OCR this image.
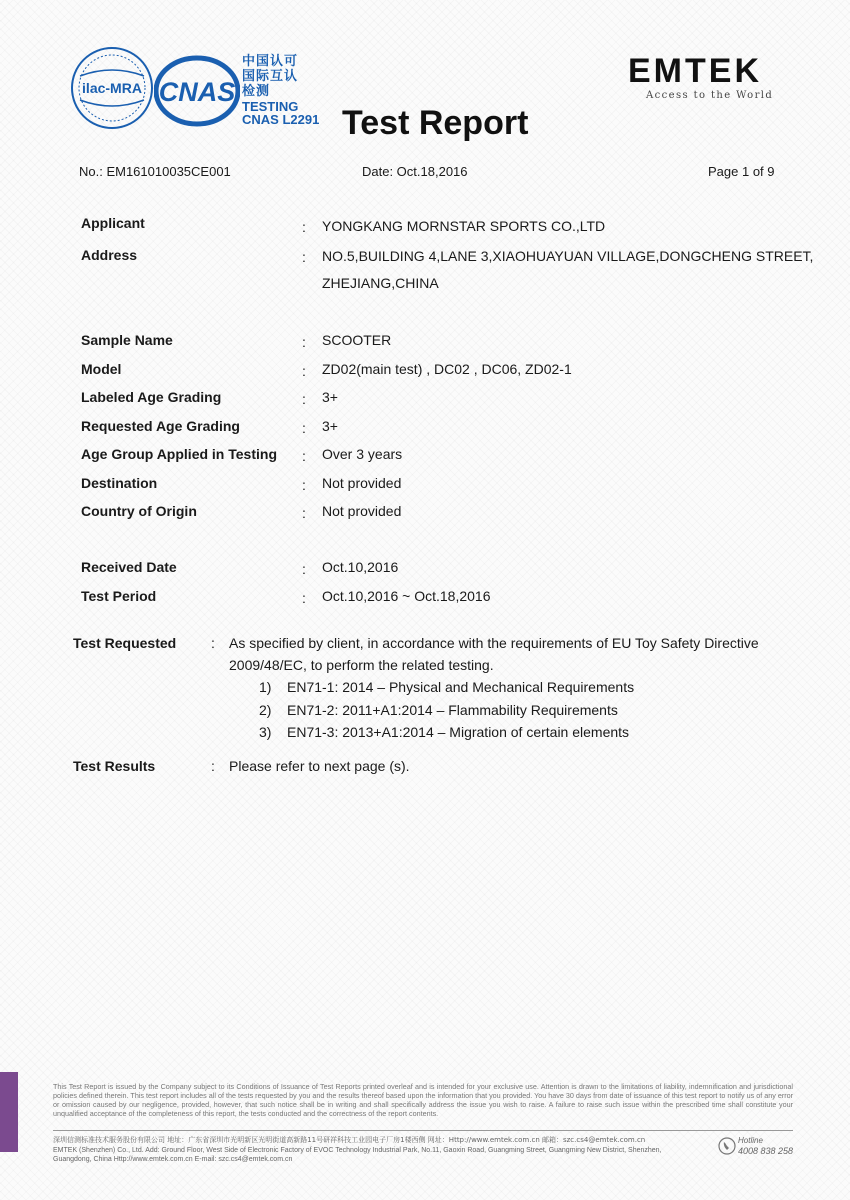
ilac-MRA CNAS
中国认可
国际互认
检测
TESTING
CNAS L2291
EMTEK
Access to the World
Test Report
No.: EM161010035CE001	Date: Oct.18,2016	Page 1 of 9
Applicant	: YONGKANG MORNSTAR SPORTS CO.,LTD
Address	: NO.5,BUILDING 4,LANE 3,XIAOHUAYUAN VILLAGE,DONGCHENG STREET, ZHEJIANG,CHINA
Sample Name	: SCOOTER
Model	: ZD02(main test) , DC02 , DC06, ZD02-1
Labeled Age Grading	: 3+
Requested Age Grading	: 3+
Age Group Applied in Testing : Over 3 years
Destination	: Not provided
Country of Origin	: Not provided
Received Date	: Oct.10,2016
Test Period	: Oct.10,2016 ~ Oct.18,2016
Test Requested : As specified by client, in accordance with the requirements of EU Toy Safety Directive 2009/48/EC, to perform the related testing.
1) EN71-1: 2014 – Physical and Mechanical Requirements
2) EN71-2: 2011+A1:2014 – Flammability Requirements
3) EN71-3: 2013+A1:2014 – Migration of certain elements
Test Results	: Please refer to next page (s).
This Test Report is issued by the Company subject to its Conditions of Issuance of Test Reports printed overleaf and is intended for your exclusive use. Attention is drawn to the limitations of liability, indemnification and jurisdictional policies defined therein. This test report includes all of the tests requested by you and the results thereof based upon the information that you provided. You have 30 days from date of issuance of this test report to notify us of any error or omission caused by our negligence, provided, however, that such notice shall be in writing and shall specifically address the issue you wish to raise. A failure to raise such issue within the prescribed time shall constitute your unqualified acceptance of the completeness of this report, the tests conducted and the correctness of the report contents.
深圳信测标准技术服务股份有限公司 地址：广东省深圳市光明新区光明街道高新路11号研祥科技工业园电子厂房1楼西侧 网址：Http://www.emtek.com.cn 邮箱：szc.cs4@emtek.com.cn
EMTEK (Shenzhen) Co., Ltd. Add: Ground Floor, West Side of Electronic Factory of EVOC Technology Industrial Park, No.11, Gaoxin Road, Guangming Street, Guangming New District, Shenzhen,
Guangdong, China Http://www.emtek.com.cn E-mail: szc.cs4@emtek.com.cn
Hotline
4008 838 258
